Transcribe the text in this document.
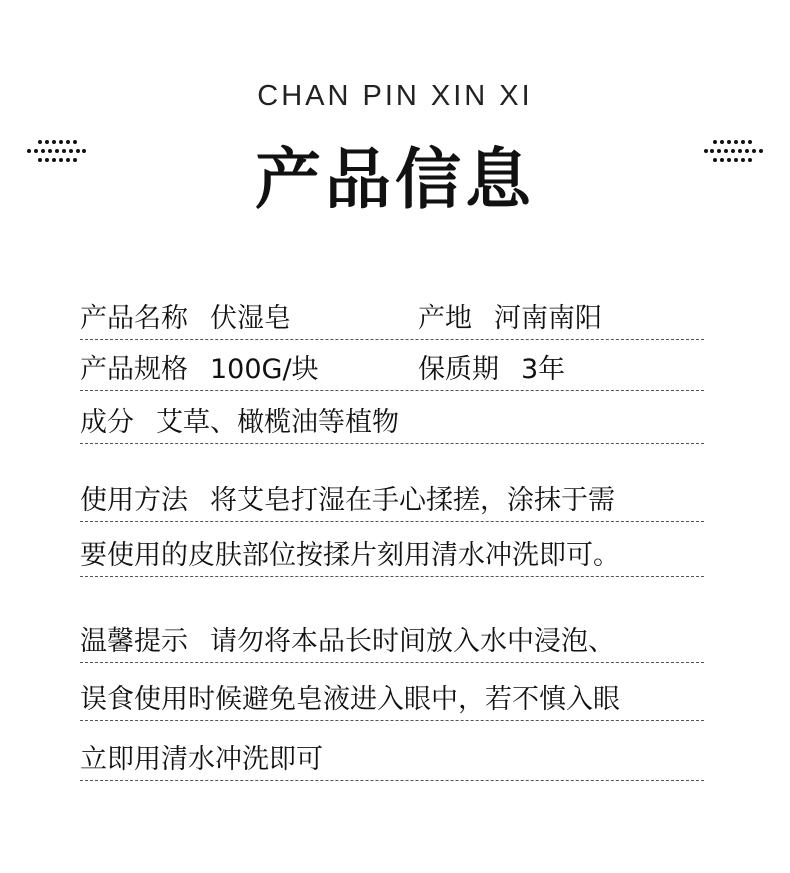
CHAN PIN XIN XI
产品信息
产品名称 伏湿皂	产地 河南南阳
产品规格 100G/块	保质期 3年
成分 艾草、橄榄油等植物
使用方法 将艾皂打湿在手心揉搓，涂抹于需
要使用的皮肤部位按揉片刻用清水冲洗即可。
温馨提示 请勿将本品长时间放入水中浸泡、
误食使用时候避免皂液进入眼中，若不慎入眼
立即用清水冲洗即可
